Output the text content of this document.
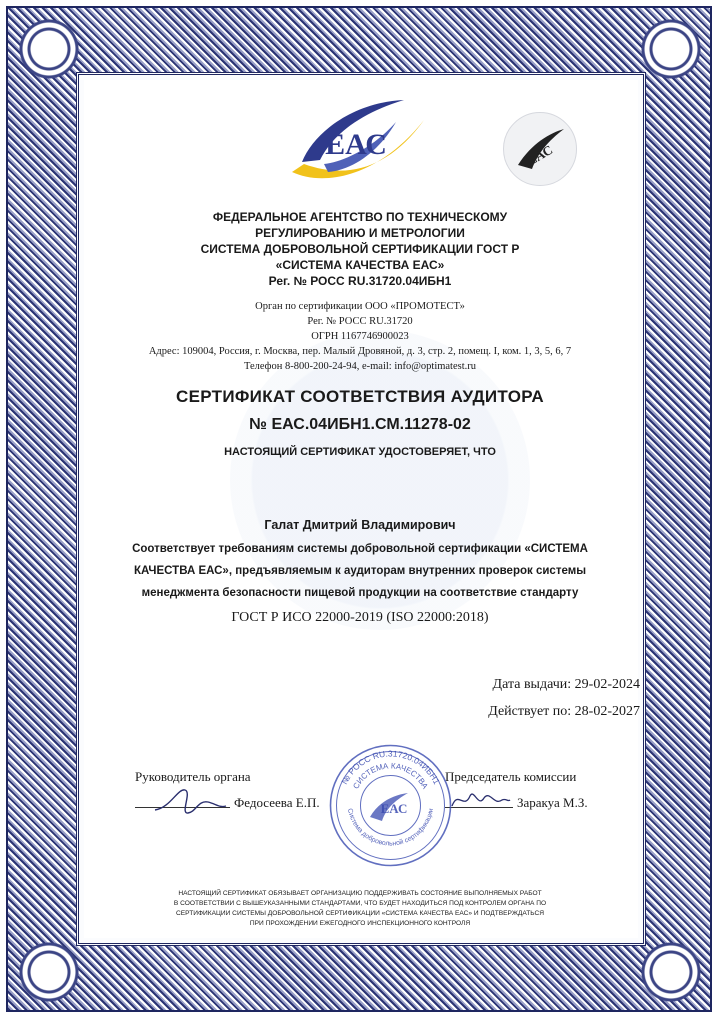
ЕАС	ЕАС
ФЕДЕРАЛЬНОЕ АГЕНТСТВО ПО ТЕХНИЧЕСКОМУ
РЕГУЛИРОВАНИЮ И МЕТРОЛОГИИ
СИСТЕМА ДОБРОВОЛЬНОЙ СЕРТИФИКАЦИИ ГОСТ Р
«СИСТЕМА КАЧЕСТВА ЕАС»
Рег. № РОСС RU.31720.04ИБН1
Орган по сертификации ООО «ПРОМОТЕСТ»
Рег. № РОСС RU.31720
ОГРН 1167746900023
Адрес: 109004, Россия, г. Москва, пер. Малый Дровяной, д. 3, стр. 2, помещ. I, ком. 1, 3, 5, 6, 7
Телефон 8-800-200-24-94, e-mail: info@optimatest.ru
СЕРТИФИКАТ СООТВЕТСТВИЯ АУДИТОРА
№ ЕАС.04ИБН1.СМ.11278-02
НАСТОЯЩИЙ СЕРТИФИКАТ УДОСТОВЕРЯЕТ, ЧТО
Галат Дмитрий Владимирович
Соответствует требованиям системы добровольной сертификации «СИСТЕМА
КАЧЕСТВА ЕАС», предъявляемым к аудиторам внутренних проверок системы
менеджмента безопасности пищевой продукции на соответствие стандарту
ГОСТ Р ИСО 22000-2019 (ISO 22000:2018)
Дата выдачи: 29-02-2024
Действует по: 28-02-2027
Руководитель органа
Федосеева Е.П.
Председатель комиссии
Заракуа М.З.
№ РОСС RU.31720.04ИБН1
СИСТЕМА КАЧЕСТВА
Система добровольной сертификации
ЕАС
НАСТОЯЩИЙ СЕРТИФИКАТ ОБЯЗЫВАЕТ ОРГАНИЗАЦИЮ ПОДДЕРЖИВАТЬ СОСТОЯНИЕ ВЫПОЛНЯЕМЫХ РАБОТ
В СООТВЕТСТВИИ С ВЫШЕУКАЗАННЫМИ СТАНДАРТАМИ, ЧТО БУДЕТ НАХОДИТЬСЯ ПОД КОНТРОЛЕМ ОРГАНА ПО
СЕРТИФИКАЦИИ СИСТЕМЫ ДОБРОВОЛЬНОЙ СЕРТИФИКАЦИИ «СИСТЕМА КАЧЕСТВА ЕАС» И ПОДТВЕРЖДАТЬСЯ
ПРИ ПРОХОЖДЕНИИ ЕЖЕГОДНОГО ИНСПЕКЦИОННОГО КОНТРОЛЯ
